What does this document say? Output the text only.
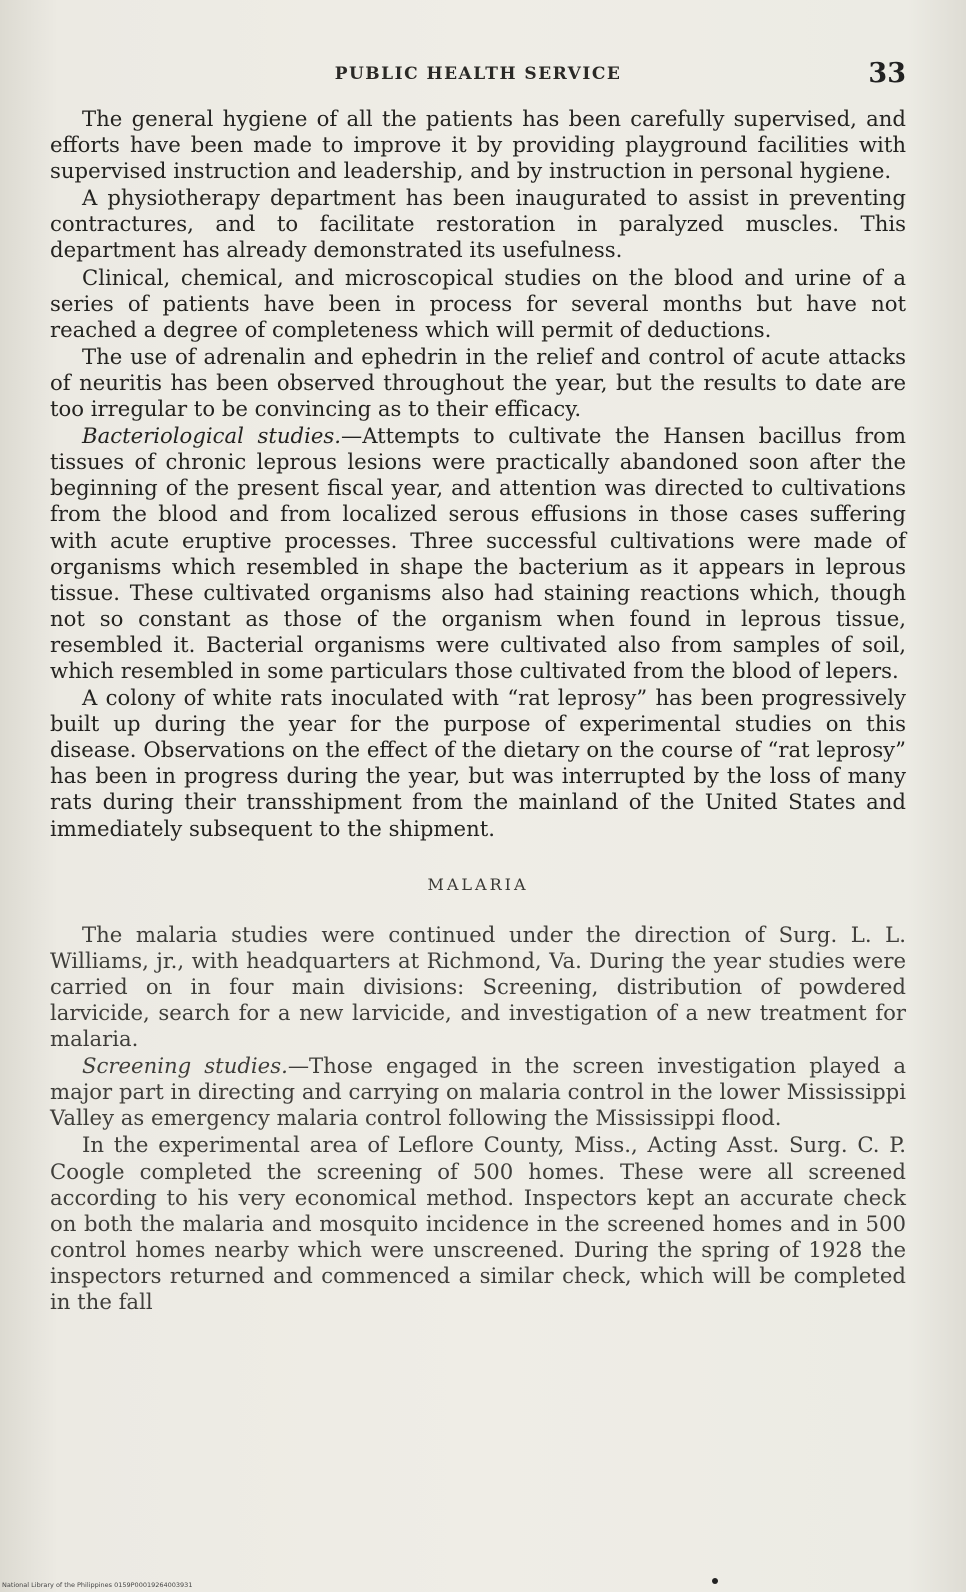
PUBLIC HEALTH SERVICE	33

The general hygiene of all the patients has been carefully supervised, and efforts have been made to improve it by providing playground facilities with supervised instruction and leadership, and by instruction in personal hygiene.

A physiotherapy department has been inaugurated to assist in preventing contractures, and to facilitate restoration in paralyzed muscles. This department has already demonstrated its usefulness.

Clinical, chemical, and microscopical studies on the blood and urine of a series of patients have been in process for several months but have not reached a degree of completeness which will permit of deductions.

The use of adrenalin and ephedrin in the relief and control of acute attacks of neuritis has been observed throughout the year, but the results to date are too irregular to be convincing as to their efficacy.

Bacteriological studies.—Attempts to cultivate the Hansen bacillus from tissues of chronic leprous lesions were practically abandoned soon after the beginning of the present fiscal year, and attention was directed to cultivations from the blood and from localized serous effusions in those cases suffering with acute eruptive processes. Three successful cultivations were made of organisms which resembled in shape the bacterium as it appears in leprous tissue. These cultivated organisms also had staining reactions which, though not so constant as those of the organism when found in leprous tissue, resembled it. Bacterial organisms were cultivated also from samples of soil, which resembled in some particulars those cultivated from the blood of lepers.

A colony of white rats inoculated with “rat leprosy” has been progressively built up during the year for the purpose of experimental studies on this disease. Observations on the effect of the dietary on the course of “rat leprosy” has been in progress during the year, but was interrupted by the loss of many rats during their transshipment from the mainland of the United States and immediately subsequent to the shipment.

MALARIA

The malaria studies were continued under the direction of Surg. L. L. Williams, jr., with headquarters at Richmond, Va. During the year studies were carried on in four main divisions: Screening, distribution of powdered larvicide, search for a new larvicide, and investigation of a new treatment for malaria.

Screening studies.—Those engaged in the screen investigation played a major part in directing and carrying on malaria control in the lower Mississippi Valley as emergency malaria control following the Mississippi flood.

In the experimental area of Leflore County, Miss., Acting Asst. Surg. C. P. Coogle completed the screening of 500 homes. These were all screened according to his very economical method. Inspectors kept an accurate check on both the malaria and mosquito incidence in the screened homes and in 500 control homes nearby which were unscreened. During the spring of 1928 the inspectors returned and commenced a similar check, which will be completed in the fall

National Library of the Philippines 0159P00019264003931
